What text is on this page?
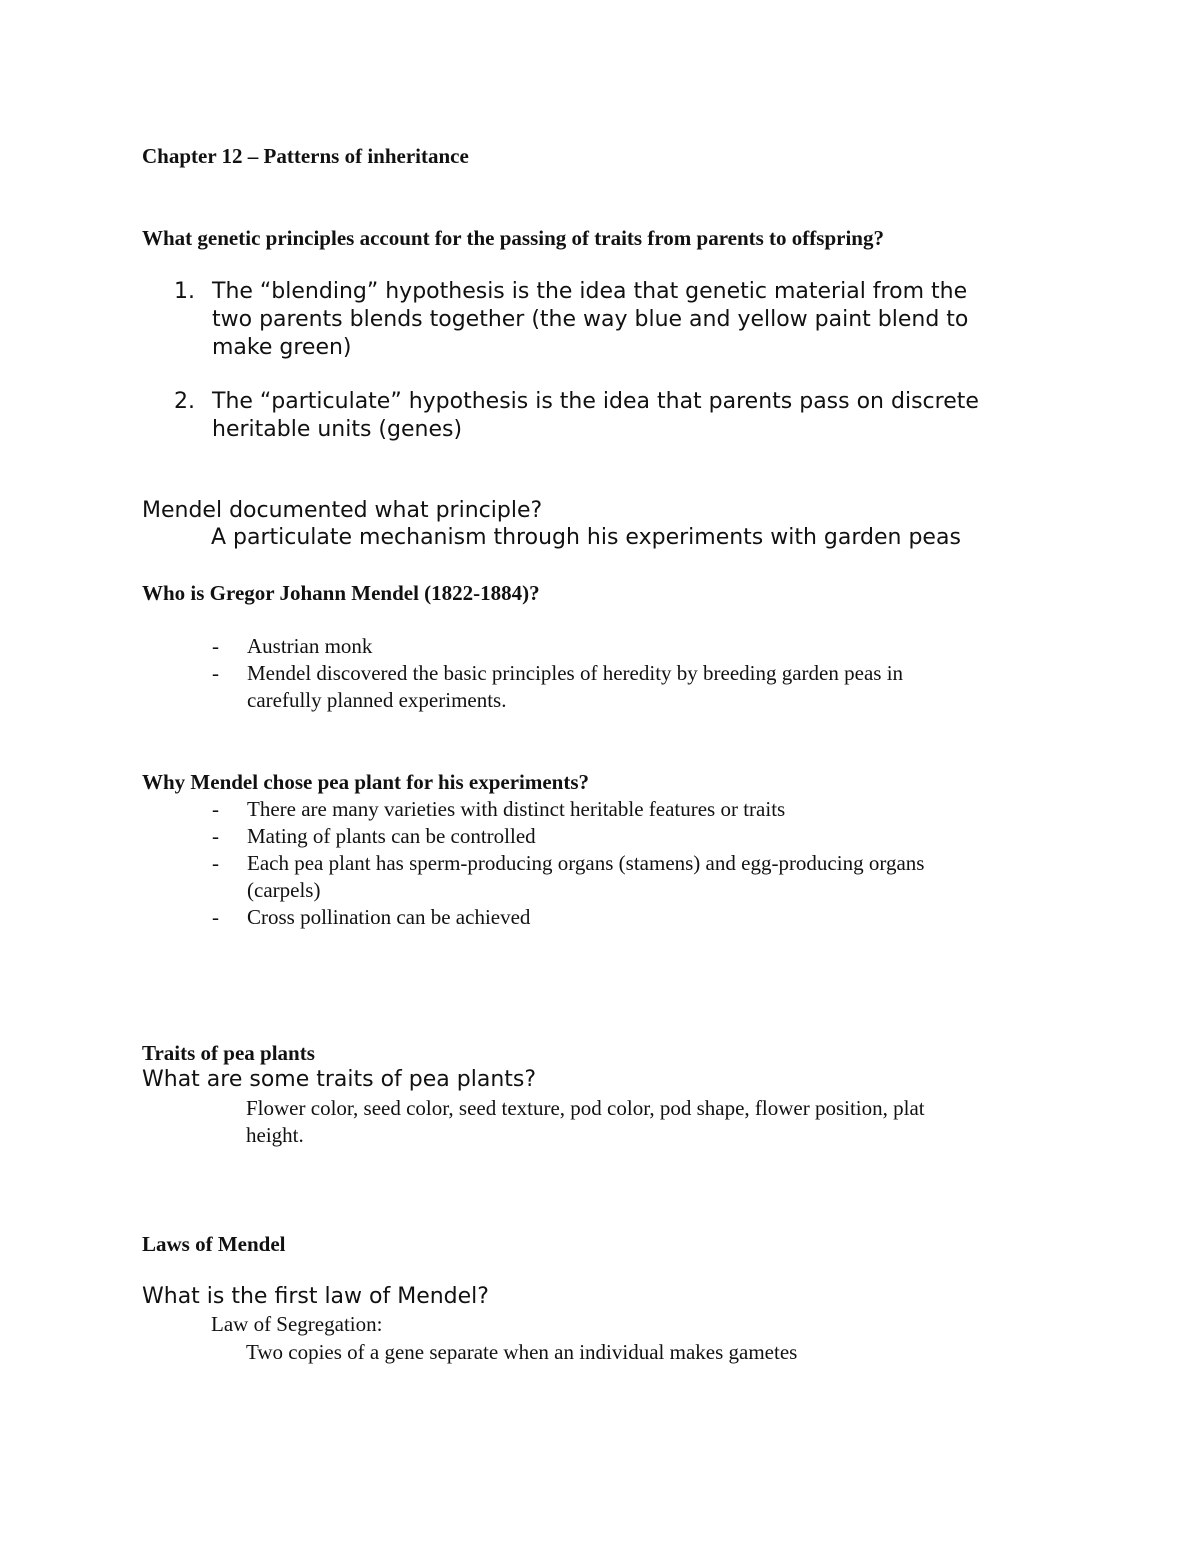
Chapter 12 – Patterns of inheritance

What genetic principles account for the passing of traits from parents to offspring?

1. The “blending” hypothesis is the idea that genetic material from the
two parents blends together (the way blue and yellow paint blend to
make green)
2. The “particulate” hypothesis is the idea that parents pass on discrete
heritable units (genes)

Mendel documented what principle?

A particulate mechanism through his experiments with garden peas

Who is Gregor Johann Mendel (1822-1884)?

- Austrian monk
- Mendel discovered the basic principles of heredity by breeding garden peas in
carefully planned experiments.

Why Mendel chose pea plant for his experiments?

- There are many varieties with distinct heritable features or traits
- Mating of plants can be controlled
- Each pea plant has sperm-producing organs (stamens) and egg-producing organs
(carpels)
- Cross pollination can be achieved

Traits of pea plants

What are some traits of pea plants?

Flower color, seed color, seed texture, pod color, pod shape, flower position, plat

height.

Laws of Mendel

What is the first law of Mendel?

Law of Segregation:

Two copies of a gene separate when an individual makes gametes
